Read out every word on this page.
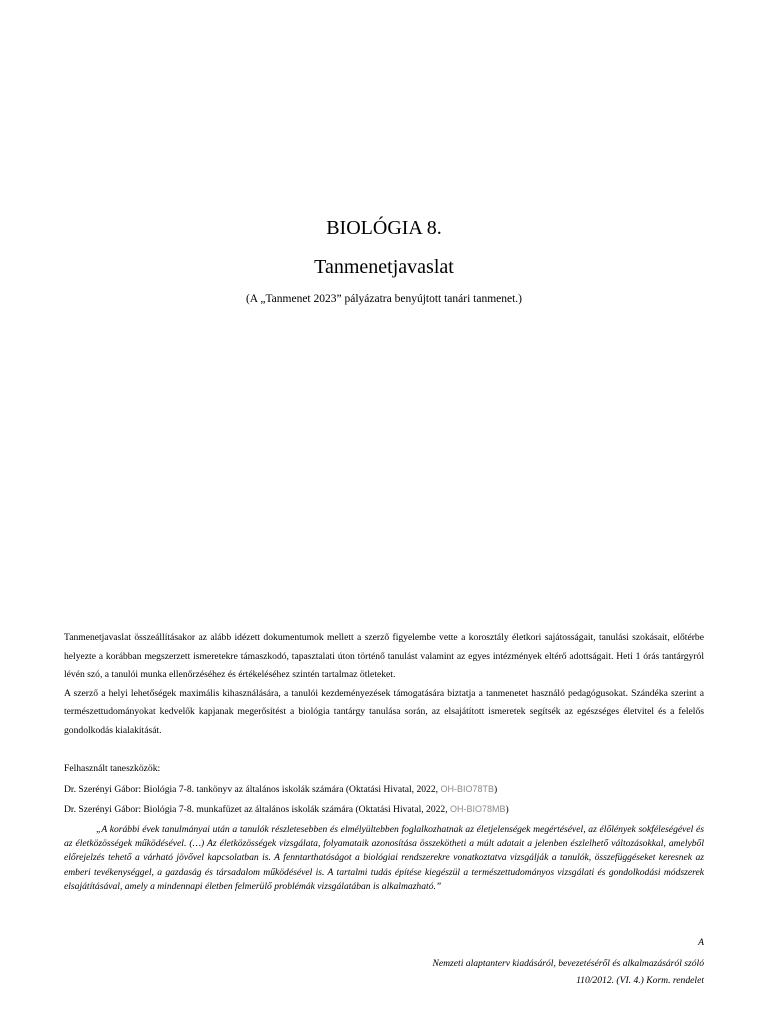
BIOLÓGIA 8.
Tanmenetjavaslat
(A „Tanmenet 2023” pályázatra benyújtott tanári tanmenet.)

Tanmenetjavaslat összeállításakor az alább idézett dokumentumok mellett a szerző figyelembe vette a korosztály életkori sajátosságait, tanulási szokásait, előtérbe helyezte a korábban megszerzett ismeretekre támaszkodó, tapasztalati úton történő tanulást valamint az egyes intézmények eltérő adottságait. Heti 1 órás tantárgyról lévén szó, a tanulói munka ellenőrzéséhez és értékeléséhez szintén tartalmaz ötleteket.

A szerző a helyi lehetőségek maximális kihasználására, a tanulói kezdeményezések támogatására biztatja a tanmenetet használó pedagógusokat. Szándéka szerint a természettudományokat kedvelők kapjanak megerősítést a biológia tantárgy tanulása során, az elsajátított ismeretek segítsék az egészséges életvitel és a felelős gondolkodás kialakítását.

Felhasznált taneszközök:
Dr. Szerényi Gábor: Biológia 7-8. tankönyv az általános iskolák számára (Oktatási Hivatal, 2022, OH-BIO78TB)
Dr. Szerényi Gábor: Biológia 7-8. munkafüzet az általános iskolák számára (Oktatási Hivatal, 2022, OH-BIO78MB)
„A korábbi évek tanulmányai után a tanulók részletesebben és elmélyültebben foglalkozhatnak az életjelenségek megértésével, az élőlények sokféleségével és az életközösségek működésével. (…) Az életközösségek vizsgálata, folyamataik azonosítása összekötheti a múlt adatait a jelenben észlelhető változásokkal, amelyből előrejelzés tehető a várható jövővel kapcsolatban is. A fenntarthatóságot a biológiai rendszerekre vonatkoztatva vizsgálják a tanulók, összefüggéseket keresnek az emberi tevékenységgel, a gazdaság és társadalom működésével is. A tartalmi tudás építése kiegészül a természettudományos vizsgálati és gondolkodási módszerek elsajátításával, amely a mindennapi életben felmerülő problémák vizsgálatában is alkalmazható.”
A
Nemzeti alaptanterv kiadásáról, bevezetéséről és alkalmazásáról szóló
110/2012. (VI. 4.) Korm. rendelet
